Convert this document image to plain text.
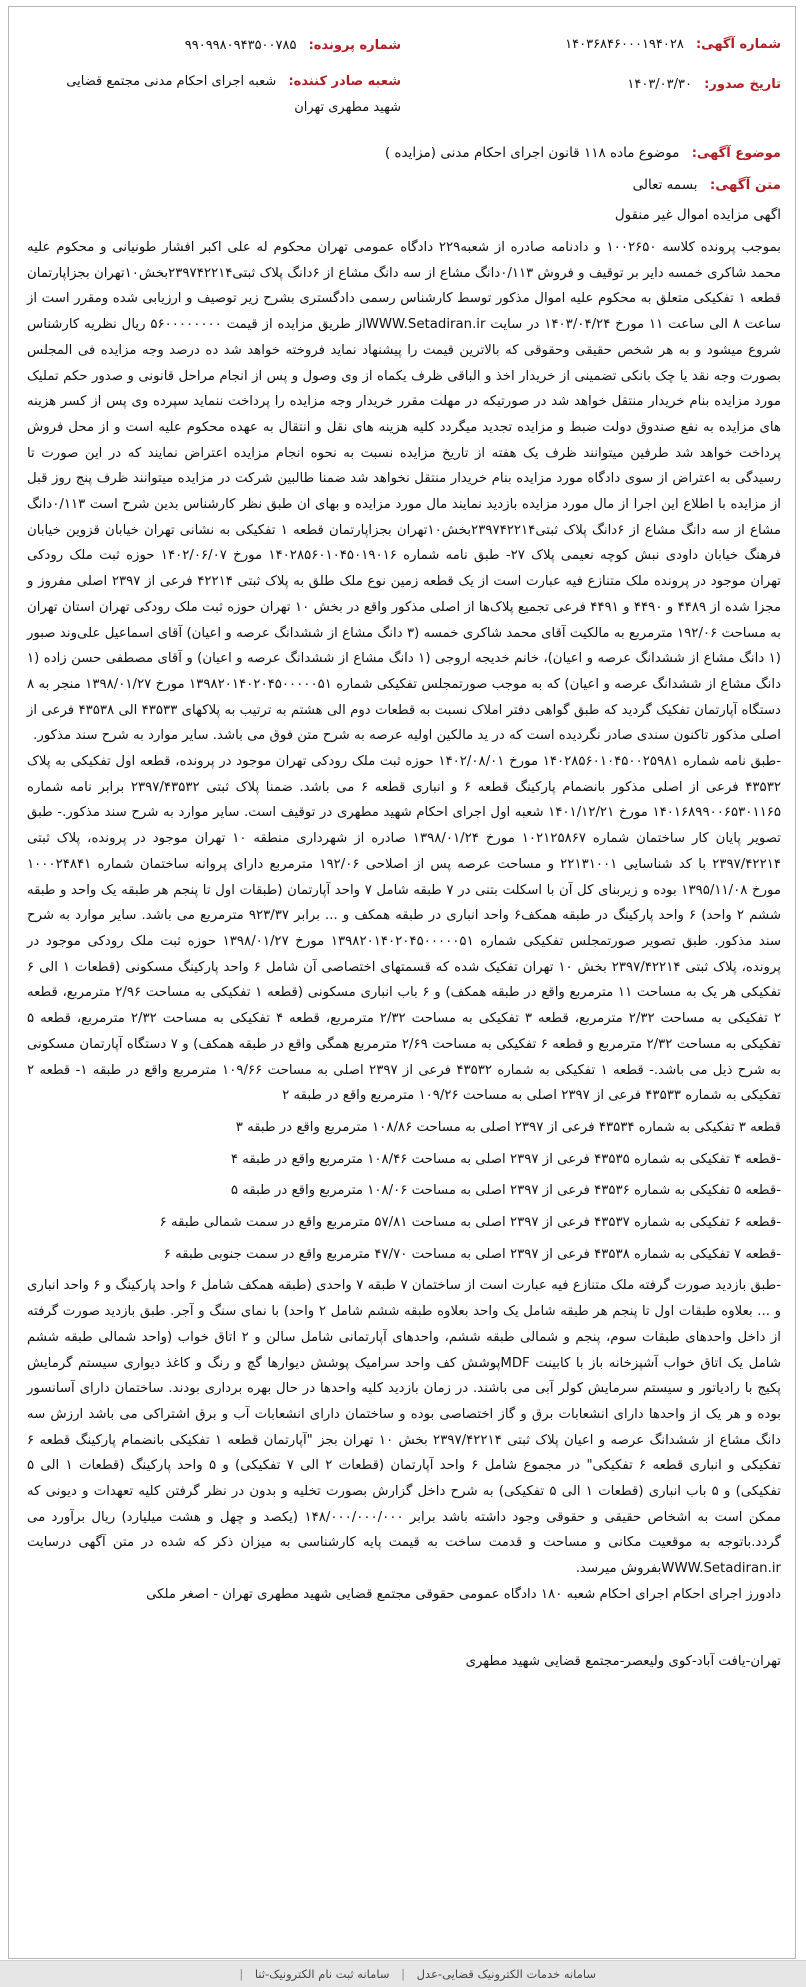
شماره آگهی: ۱۴۰۳۶۸۴۶۰۰۰۱۹۴۰۲۸
شماره پرونده: ۹۹۰۹۹۸۰۹۴۳۵۰۰۷۸۵
تاریخ صدور: ۱۴۰۳/۰۳/۳۰
شعبه صادر کننده: شعبه اجرای احکام مدنی مجتمع قضایی شهید مطهری تهران
موضوع آگهی: موضوع ماده ۱۱۸ قانون اجرای احکام مدنی (مزایده )
متن آگهی: بسمه تعالی
اگهی مزایده اموال غیر منقول

بموجب پرونده کلاسه ۱۰۰۲۶۵۰ و دادنامه صادره از شعبه۲۲۹ دادگاه عمومی تهران محکوم له علی اکبر افشار طونیانی و محکوم علیه محمد شاکری خمسه دایر بر توقیف و فروش ۰/۱۱۳دانگ مشاع از سه دانگ مشاع از ۶دانگ پلاک ثبتی۲۳۹۷۴۲۲۱۴بخش۱۰تهران بجزاپارتمان قطعه ۱ تفکیکی متعلق به محکوم علیه اموال مذکور توسط کارشناس رسمی دادگستری بشرح زیر توصیف و ارزیابی شده ومقرر است از ساعت ۸ الی ساعت ۱۱ مورخ ۱۴۰۳/۰۴/۲۴ در سایت WWW.Setadiran.irاز طریق مزایده از قیمت ۵۶۰۰۰۰۰۰۰۰ ریال نظریه کارشناس شروع میشود و به هر شخص حقیقی وحقوقی که بالاترین قیمت را پیشنهاد نماید فروخته خواهد شد ده درصد وجه مزایده فی المجلس بصورت وجه نقد یا چک بانکی تضمینی از خریدار اخذ و الباقی ظرف یکماه از وی وصول و پس از انجام مراحل قانونی و صدور حکم تملیک مورد مزایده بنام خریدار منتقل خواهد شد در صورتیکه در مهلت مقرر خریدار وجه مزایده را پرداخت ننماید سپرده وی پس از کسر هزینه های مزایده به نفع صندوق دولت ضبط و مزایده تجدید میگردد کلیه هزینه های نقل و انتقال به عهده محکوم علیه است و از محل فروش پرداخت خواهد شد طرفین میتوانند ظرف یک هفته از تاریخ مزایده نسبت به نحوه انجام مزایده اعتراض نمایند که در این صورت تا رسیدگی به اعتراض از سوی دادگاه مورد مزایده بنام خریدار منتقل نخواهد شد ضمنا طالبین شرکت در مزایده میتوانند ظرف پنج روز قبل از مزایده با اطلاع این اجرا از مال مورد مزایده بازدید نمایند مال مورد مزایده و بهای ان طبق نظر کارشناس بدین شرح است ۰/۱۱۳دانگ مشاع از سه دانگ مشاع از ۶دانگ پلاک ثبتی۲۳۹۷۴۲۲۱۴بخش۱۰تهران بجزاپارتمان قطعه ۱ تفکیکی به نشانی تهران خیابان قزوین خیابان فرهنگ خیابان داودی نبش کوچه نعیمی پلاک ۲۷- طبق نامه شماره ۱۴۰۲۸۵۶۰۱۰۴۵۰۱۹۰۱۶ مورخ ۱۴۰۲/۰۶/۰۷ حوزه ثبت ملک رودکی تهران موجود در پرونده ملک متنازع فیه عبارت است از یک قطعه زمین نوع ملک طلق به پلاک ثبتی ۴۲۲۱۴ فرعی از ۲۳۹۷ اصلی مفروز و مجزا شده از ۴۴۸۹ و ۴۴۹۰ و ۴۴۹۱ فرعی تجمیع پلاک‌ها از اصلی مذکور واقع در بخش ۱۰ تهران حوزه ثبت ملک رودکی تهران استان تهران به مساحت ۱۹۲/۰۶ مترمربع به مالکیت آقای محمد شاکری خمسه (۳ دانگ مشاع از ششدانگ عرصه و اعیان) آقای اسماعیل علی‌وند صبور (۱ دانگ مشاع از ششدانگ عرصه و اعیان)، خانم خدیجه اروجی (۱ دانگ مشاع از ششدانگ عرصه و اعیان) و آقای مصطفی حسن زاده (۱ دانگ مشاع از ششدانگ عرصه و اعیان) که به موجب صورتمجلس تفکیکی شماره ۱۳۹۸۲۰۱۴۰۲۰۴۵۰۰۰۰۰۵۱ مورخ ۱۳۹۸/۰۱/۲۷ منجر به ۸ دستگاه آپارتمان تفکیک گردید که طبق گواهی دفتر املاک نسبت به قطعات دوم الی هشتم به ترتیب به پلاکهای ۴۳۵۳۳ الی ۴۳۵۳۸ فرعی از اصلی مذکور تاکنون سندی صادر نگردیده است که در ید مالکین اولیه عرصه به شرح متن فوق می باشد. سایر موارد به شرح سند مذکور.

-طبق نامه شماره ۱۴۰۲۸۵۶۰۱۰۴۵۰۰۲۵۹۸۱ مورخ ۱۴۰۲/۰۸/۰۱ حوزه ثبت ملک رودکی تهران موجود در پرونده، قطعه اول تفکیکی به پلاک ۴۳۵۳۲ فرعی از اصلی مذکور بانضمام پارکینگ قطعه ۶ و انباری قطعه ۶ می باشد. ضمنا پلاک ثبتی ۲۳۹۷/۴۳۵۳۲ برابر نامه شماره ۱۴۰۱۶۸۹۹۰۰۶۵۳۰۱۱۶۵ مورخ ۱۴۰۱/۱۲/۲۱ شعبه اول اجرای احکام شهید مطهری در توقیف است. سایر موارد به شرح سند مذکور.- طبق تصویر پایان کار ساختمان شماره ۱۰۲۱۲۵۸۶۷ مورخ ۱۳۹۸/۰۱/۲۴ صادره از شهرداری منطقه ۱۰ تهران موجود در پرونده، پلاک ثبتی ۲۳۹۷/۴۲۲۱۴ با کد شناسایی ۲۲۱۳۱۰۰۱ و مساحت عرصه پس از اصلاحی ۱۹۲/۰۶ مترمربع دارای پروانه ساختمان شماره ۱۰۰۰۲۴۸۴۱ مورخ ۱۳۹۵/۱۱/۰۸ بوده و زیربنای کل آن با اسکلت بتنی در ۷ طبقه شامل ۷ واحد آپارتمان (طبقات اول تا پنجم هر طبقه یک واحد و طبقه ششم ۲ واحد) ۶ واحد پارکینگ در طبقه همکف۶ واحد انباری در طبقه همکف و ... برابر ۹۲۳/۳۷ مترمربع می باشد. سایر موارد به شرح سند مذکور. طبق تصویر صورتمجلس تفکیکی شماره ۱۳۹۸۲۰۱۴۰۲۰۴۵۰۰۰۰۰۵۱ مورخ ۱۳۹۸/۰۱/۲۷ حوزه ثبت ملک رودکی موجود در پرونده، پلاک ثبتی ۲۳۹۷/۴۲۲۱۴ بخش ۱۰ تهران تفکیک شده که قسمتهای اختصاصی آن شامل ۶ واحد پارکینگ مسکونی (قطعات ۱ الی ۶ تفکیکی هر یک به مساحت ۱۱ مترمربع واقع در طبقه همکف) و ۶ باب انباری مسکونی (قطعه ۱ تفکیکی به مساحت ۲/۹۶ مترمربع، قطعه ۲ تفکیکی به مساحت ۲/۳۲ مترمربع، قطعه ۳ تفکیکی به مساحت ۲/۳۲ مترمربع، قطعه ۴ تفکیکی به مساحت ۲/۳۲ مترمربع، قطعه ۵ تفکیکی به مساحت ۲/۳۲ مترمربع و قطعه ۶ تفکیکی به مساحت ۲/۶۹ مترمربع همگی واقع در طبقه همکف) و ۷ دستگاه آپارتمان مسکونی به شرح ذیل می باشد.- قطعه ۱ تفکیکی به شماره ۴۳۵۳۲ فرعی از ۲۳۹۷ اصلی به مساحت ۱۰۹/۶۶ مترمربع واقع در طبقه ۱- قطعه ۲ تفکیکی به شماره ۴۳۵۳۳ فرعی از ۲۳۹۷ اصلی به مساحت ۱۰۹/۲۶ مترمربع واقع در طبقه ۲

قطعه ۳ تفکیکی به شماره ۴۳۵۳۴ فرعی از ۲۳۹۷ اصلی به مساحت ۱۰۸/۸۶ مترمربع واقع در طبقه ۳

-قطعه ۴ تفکیکی به شماره ۴۳۵۳۵ فرعی از ۲۳۹۷ اصلی به مساحت ۱۰۸/۴۶ مترمربع واقع در طبقه ۴

-قطعه ۵ تفکیکی به شماره ۴۳۵۳۶ فرعی از ۲۳۹۷ اصلی به مساحت ۱۰۸/۰۶ مترمربع واقع در طبقه ۵

-قطعه ۶ تفکیکی به شماره ۴۳۵۳۷ فرعی از ۲۳۹۷ اصلی به مساحت ۵۷/۸۱ مترمربع واقع در سمت شمالی طبقه ۶

-قطعه ۷ تفکیکی به شماره ۴۳۵۳۸ فرعی از ۲۳۹۷ اصلی به مساحت ۴۷/۷۰ مترمربع واقع در سمت جنوبی طبقه ۶

-طبق بازدید صورت گرفته ملک متنازع فیه عبارت است از ساختمان ۷ طبقه ۷ واحدی (طبقه همکف شامل ۶ واحد پارکینگ و ۶ واحد انباری و ... بعلاوه طبقات اول تا پنجم هر طبقه شامل یک واحد بعلاوه طبقه ششم شامل ۲ واحد) با نمای سنگ و آجر. طبق بازدید صورت گرفته از داخل واحدهای طبقات سوم، پنجم و شمالی طبقه ششم، واحدهای آپارتمانی شامل سالن و ۲ اتاق خواب (واحد شمالی طبقه ششم شامل یک اتاق خواب آشپزخانه باز با کابینت MDFپوشش کف واحد سرامیک پوشش دیوارها گچ و رنگ و کاغذ دیواری سیستم گرمایش پکیج با رادیاتور و سیستم سرمایش کولر آبی می باشند. در زمان بازدید کلیه واحدها در حال بهره برداری بودند. ساختمان دارای آسانسور بوده و هر یک از واحدها دارای انشعابات برق و گاز اختصاصی بوده و ساختمان دارای انشعابات آب و برق اشتراکی می باشد ارزش سه دانگ مشاع از ششدانگ عرصه و اعیان پلاک ثبتی ۲۳۹۷/۴۲۲۱۴ بخش ۱۰ تهران بجز "آپارتمان قطعه ۱ تفکیکی بانضمام پارکینگ قطعه ۶ تفکیکی و انباری قطعه ۶ تفکیکی" در مجموع شامل ۶ واحد آپارتمان (قطعات ۲ الی ۷ تفکیکی) و ۵ واحد پارکینگ (قطعات ۱ الی ۵ تفکیکی) و ۵ باب انباری (قطعات ۱ الی ۵ تفکیکی) به شرح داخل گزارش بصورت تخلیه و بدون در نظر گرفتن کلیه تعهدات و دیونی که ممکن است به اشخاص حقیقی و حقوقی وجود داشته باشد برابر ۱۴۸/۰۰۰/۰۰۰/۰۰۰ (یکصد و چهل و هشت میلیارد) ریال برآورد می گردد.باتوجه به موقعیت مکانی و مساحت و قدمت ساخت به قیمت پایه کارشناسی به میزان ذکر که شده در متن آگهی درسایت WWW.Setadiran.irبفروش میرسد.

دادورز اجرای احکام اجرای احکام شعبه ۱۸۰ دادگاه عمومی حقوقی مجتمع قضایی شهید مطهری تهران - اصغر ملکی

تهران-یافت آباد-کوی ولیعصر-مجتمع قضایی شهید مطهری
سامانه خدمات الکترونیک قضایی-عدل | سامانه ثبت نام الکترونیک-ثنا |
